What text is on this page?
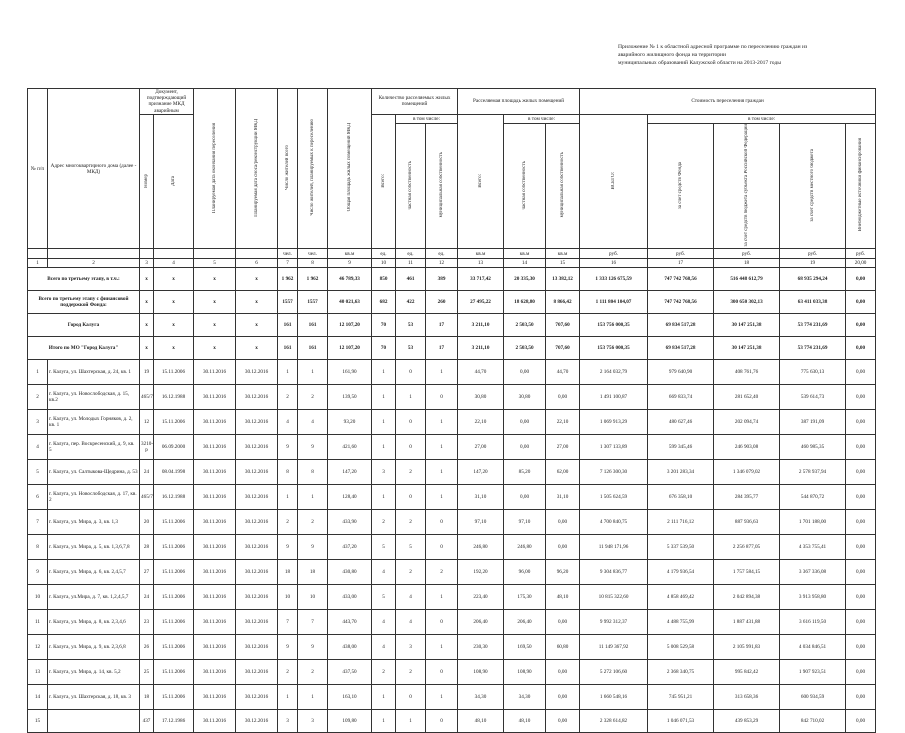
Приложение № 1 к областной адресной программе по переселению граждан из
аварийного жилищного фонда на территории
муниципальных образований Калужской области на 2013-2017 годы
№ п/п	Адрес многоквартирного дома (далее - МКД)	Документ, подтверждающий признание МКД аварийным		Планируемая дата окончания переселения	Планируемая дата сноса/реконструкции МКД	Число жителей всего	Число жителей, планируемых к переселению	Общая площадь жилых помещений МКД	Количество расселяемых жилых помещений			Расселяемая площадь жилых помещений			Стоимость переселения граждан				
		Номер	Дата						Всего:	в том числе:		Всего:	в том числе:		ВСЕГО:	в том числе:			
										частная собственность	муниципальная собственность		частная собственность	муниципальная собственность		за счет средств Фонда	за счет средств бюджета субъекта Российской Федерации	за счет средств местного бюджета	Внебюджетные источники финансирования
						чел.	чел.	кв.м	ед.	ед.	ед.	кв.м	кв.м	кв.м	руб.	руб.	руб.	руб.	руб.
1	2	3	4	5	6	7	8	9	10	11	12	13	14	15	16	17	18	19	20,00
Всего по третьему этапу, в т.ч.:		x	x	x	x	1 962	1 962	46 789,33	850	461	389	33 717,42	20 335,30	13 382,12	1 333 126 675,59	747 742 768,56	516 448 612,79	68 935 294,24	0,00
Всего по третьему этапу с финансовой поддержкой Фонда:		x	x	x	x	1557	1557	40 021,63	682	422	260	27 495,22	18 628,80	8 866,42	1 111 804 104,07	747 742 768,56	300 650 302,13	63 411 033,38	0,00
Город Калуга		x	x	x	x	161	161	12 107,20	70	53	17	3 211,10	2 503,50	707,60	153 756 000,35	69 834 517,28	30 147 251,38	53 774 231,69	0,00
Итого по МО "Город Калуга"		x	x	x	x	161	161	12 107,20	70	53	17	3 211,10	2 503,50	707,60	153 756 000,35	69 834 517,28	30 147 251,38	53 774 231,69	0,00
1	г. Калуга, ул. Шахтерская, д. 24, кв. 1	19	15.11.2006	30.11.2016	30.12.2016	1	1	161,90	1	0	1	44,70	0,00	44,70	2 164 032,79	979 640,90	408 761,76	775 630,13	0,00
2	г. Калуга, ул. Новослободская, д. 15, кв.2	465/7	16.12.1988	30.11.2016	30.12.2016	2	2	139,50	1	1	0	30,80	30,80	0,00	1 491 100,87	669 833,74	281 652,40	539 614,73	0,00
3	г. Калуга, ул. Молодых Горняков, д. 2, кв. 1	12	15.11.2006	30.11.2016	30.12.2016	4	4	93,20	1	0	1	22,10	0,00	22,10	1 069 913,29	480 627,46	202 094,74	387 191,09	0,00
4	г. Калуга, пер. Воскресенский, д. 9, кв. 5	3210-р	06.09.2000	30.11.2016	30.12.2016	9	9	421,60	1	0	1	27,00	0,00	27,00	1 307 133,89	599 345,46	246 903,08	460 985,35	0,00
5	г. Калуга, ул. Салтыкова-Щедрина, д. 53	24	08.04.1998	30.11.2016	30.12.2016	8	8	147,20	3	2	1	147,20	85,20	62,00	7 126 300,30	3 201 283,34	1 346 079,02	2 578 937,94	0,00
6	г. Калуга, ул. Новослободская, д. 17, кв. 2	465/7	16.12.1988	30.11.2016	30.12.2016	1	1	128,40	1	0	1	31,10	0,00	31,10	1 505 624,59	676 358,10	284 395,77	544 870,72	0,00
7	г. Калуга, ул. Мира, д. 3, кв. 1,3	20	15.11.2006	30.11.2016	30.12.2016	2	2	433,90	2	2	0	97,10	97,10	0,00	4 700 840,75	2 111 716,12	887 936,63	1 701 188,00	0,00
8	г. Калуга, ул. Мира, д. 5, кв. 1,3,6,7,8	28	15.11.2006	30.11.2016	30.12.2016	9	9	437,20	5	5	0	246,80	246,80	0,00	11 948 171,96	5 337 539,50	2 256 877,05	4 353 755,41	0,00
9	г. Калуга, ул. Мира, д. 6, кв. 2,4,5,7	27	15.11.2006	30.11.2016	30.12.2016	18	18	430,80	4	2	2	192,20	96,00	96,20	9 304 836,77	4 179 936,54	1 757 584,15	3 367 336,08	0,00
10	г. Калуга, ул.Мира, д. 7, кв. 1,2,4,5,7	24	15.11.2006	30.11.2016	30.12.2016	10	10	433,00	5	4	1	223,40	175,30	48,10	10 815 322,60	4 858 469,42	2 042 894,38	3 913 958,80	0,00
11	г. Калуга, ул. Мира, д. 8, кв. 2,3,4,6	23	15.11.2006	30.11.2016	30.12.2016	7	7	443,70	4	4	0	206,40	206,40	0,00	9 992 312,37	4 488 755,99	1 887 431,88	3 616 119,50	0,00
12	г. Калуга, ул. Мира, д. 9, кв. 2,3,6,8	26	15.11.2006	30.11.2016	30.12.2016	9	9	438,00	4	3	1	230,30	169,50	60,80	11 149 367,92	5 008 529,58	2 105 991,83	4 034 846,51	0,00
13	г. Калуга, ул. Мира, д. 14, кв. 5,2	25	15.11.2006	30.11.2016	30.12.2016	2	2	437,50	2	2	0	108,90	108,90	0,00	5 272 106,60	2 368 340,75	995 842,42	1 907 923,51	0,00
14	г. Калуга, ул. Шахтерская, д. 18, кв. 3	18	15.11.2006	30.11.2016	30.12.2016	1	1	163,10	1	0	1	34,30	34,30	0,00	1 660 548,16	745 951,21	313 658,36	600 934,59	0,00
15		437	17.12.1986	30.11.2016	30.12.2016	3	3	109,80	1	1	0	48,10	48,10	0,00	2 328 614,82	1 046 071,53	439 853,29	842 710,02	0,00
